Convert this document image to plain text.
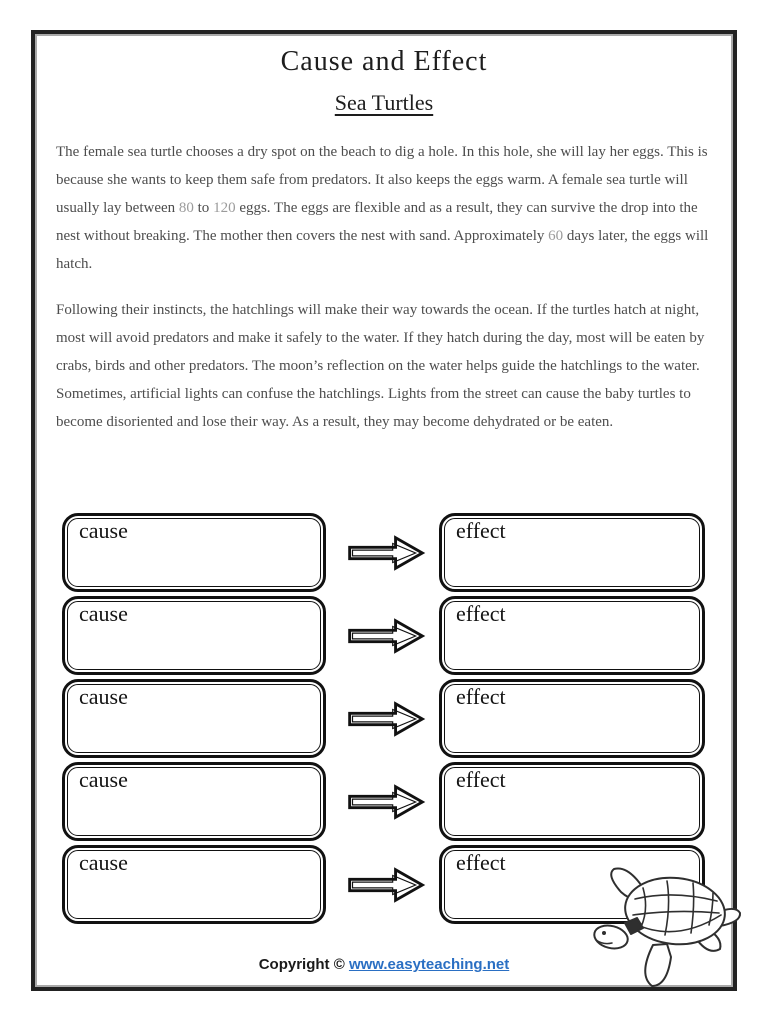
Cause and Effect
Sea Turtles

The female sea turtle chooses a dry spot on the beach to dig a hole. In this hole, she will lay her eggs. This is because she wants to keep them safe from predators. It also keeps the eggs warm. A female sea turtle will usually lay between 80 to 120 eggs. The eggs are flexible and as a result, they can survive the drop into the nest without breaking. The mother then covers the nest with sand. Approximately 60 days later, the eggs will hatch.

Following their instincts, the hatchlings will make their way towards the ocean. If the turtles hatch at night, most will avoid predators and make it safely to the water. If they hatch during the day, most will be eaten by crabs, birds and other predators. The moon’s reflection on the water helps guide the hatchlings to the water. Sometimes, artificial lights can confuse the hatchlings. Lights from the street can cause the baby turtles to become disoriented and lose their way. As a result, they may become dehydrated or be eaten.

cause	effect
cause	effect
cause	effect
cause	effect
cause	effect
Copyright © www.easyteaching.net
